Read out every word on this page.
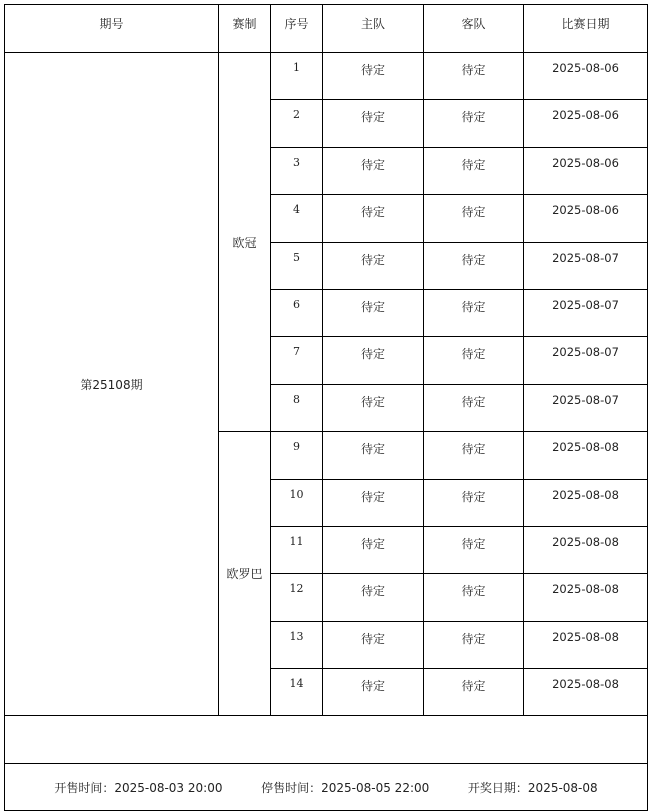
期号	赛制	序号	主队	客队	比赛日期
第25108期	欧冠	1	待定	待定	2025-08-06
		2	待定	待定	2025-08-06
		3	待定	待定	2025-08-06
		4	待定	待定	2025-08-06
		5	待定	待定	2025-08-07
		6	待定	待定	2025-08-07
		7	待定	待定	2025-08-07
		8	待定	待定	2025-08-07
	欧罗巴	9	待定	待定	2025-08-08
		10	待定	待定	2025-08-08
		11	待定	待定	2025-08-08
		12	待定	待定	2025-08-08
		13	待定	待定	2025-08-08
		14	待定	待定	2025-08-08

开售时间：2025-08-03 20:00 停售时间：2025-08-05 22:00 开奖日期：2025-08-08					
